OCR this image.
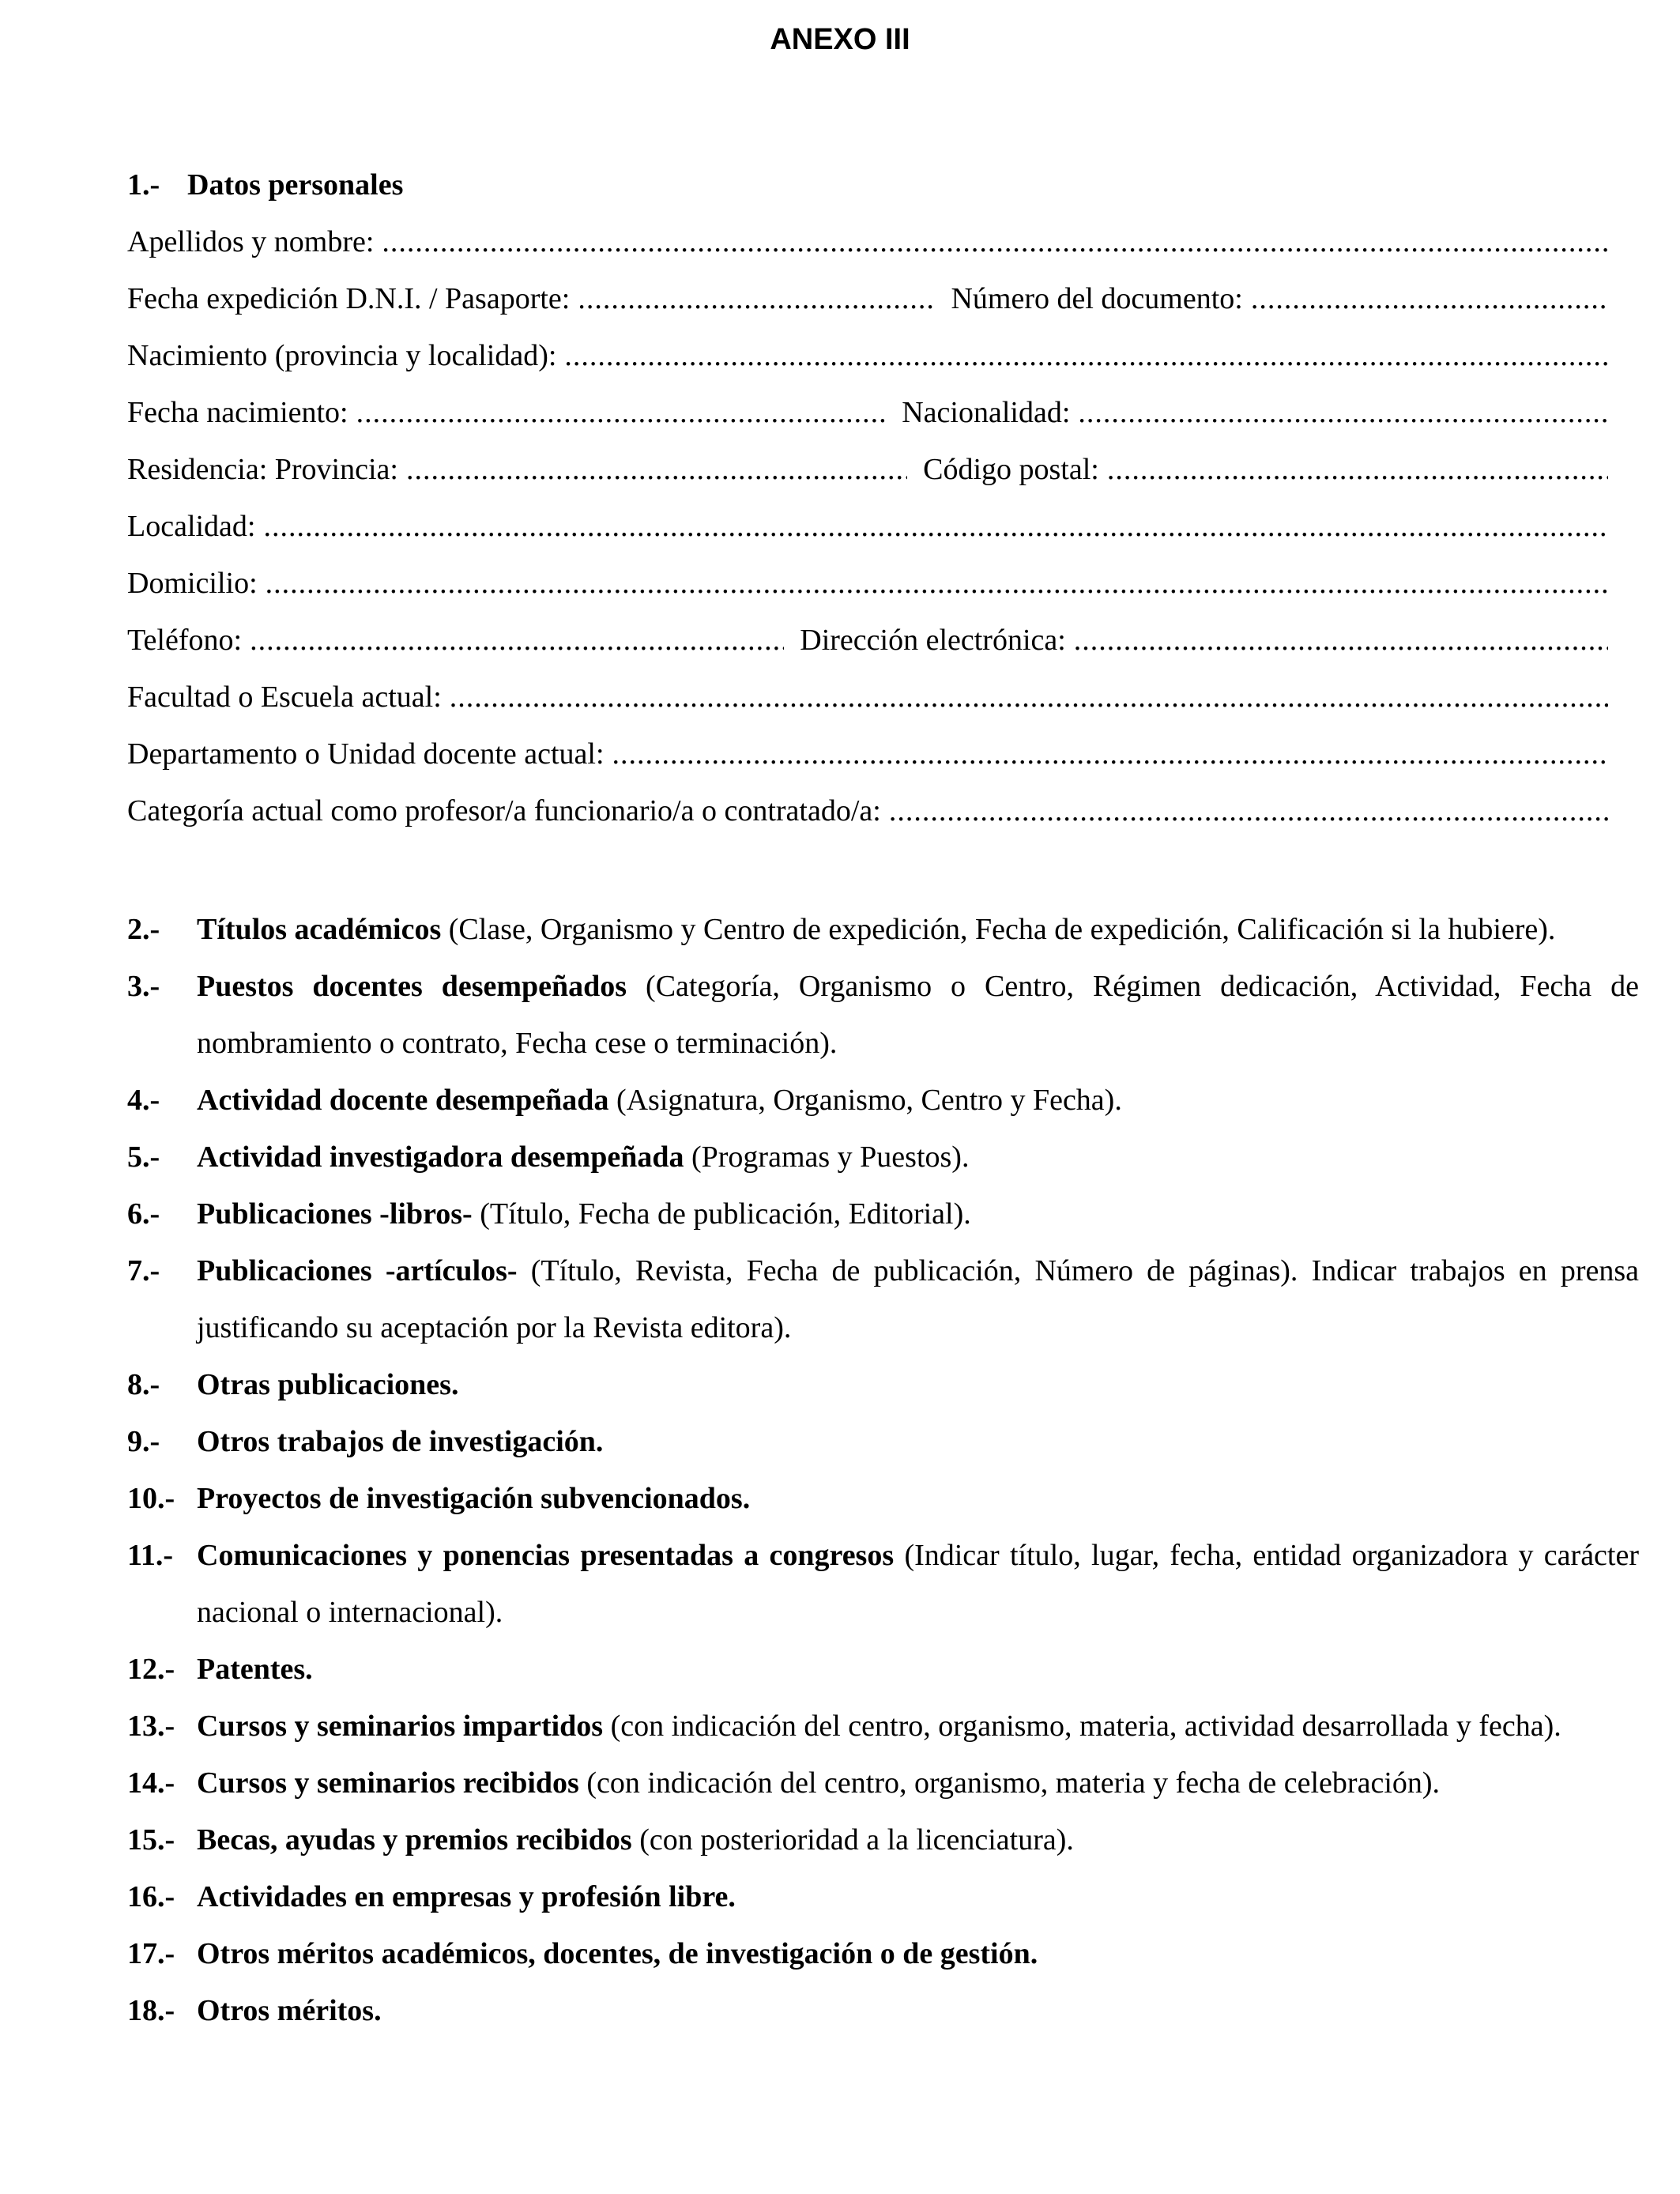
ANEXO III
1.- Datos personales
Apellidos y nombre:
.....
Fecha expedición D.N.I. / Pasaporte: .....	Número del documento:
.....
Nacimiento (provincia y localidad):
.....
Fecha nacimiento: .....	Nacionalidad:
.....
Residencia: Provincia: .....	Código postal:
.....
Localidad:
.....
Domicilio:
.....
Teléfono: .....	Dirección electrónica:
.....
Facultad o Escuela actual:
.....
Departamento o Unidad docente actual:
.....
Categoría actual como profesor/a funcionario/a o contratado/a:
.....
2.-	Títulos académicos (Clase, Organismo y Centro de expedición, Fecha de expedición, Calificación si la hubiere).
3.-	Puestos docentes desempeñados (Categoría, Organismo o Centro, Régimen dedicación, Actividad, Fecha de nombramiento o contrato, Fecha cese o terminación).
4.-	Actividad docente desempeñada (Asignatura, Organismo, Centro y Fecha).
5.-	Actividad investigadora desempeñada (Programas y Puestos).
6.-	Publicaciones -libros- (Título, Fecha de publicación, Editorial).
7.-	Publicaciones -artículos- (Título, Revista, Fecha de publicación, Número de páginas). Indicar trabajos en prensa justificando su aceptación por la Revista editora).
8.-	Otras publicaciones.
9.-	Otros trabajos de investigación.
10.- Proyectos de investigación subvencionados.
11.- Comunicaciones y ponencias presentadas a congresos (Indicar título, lugar, fecha, entidad organizadora y carácter nacional o internacional).
12.- Patentes.
13.- Cursos y seminarios impartidos (con indicación del centro, organismo, materia, actividad desarrollada y fecha).
14.- Cursos y seminarios recibidos (con indicación del centro, organismo, materia y fecha de celebración).
15.- Becas, ayudas y premios recibidos (con posterioridad a la licenciatura).
16.- Actividades en empresas y profesión libre.
17.- Otros méritos académicos, docentes, de investigación o de gestión.
18.- Otros méritos.
